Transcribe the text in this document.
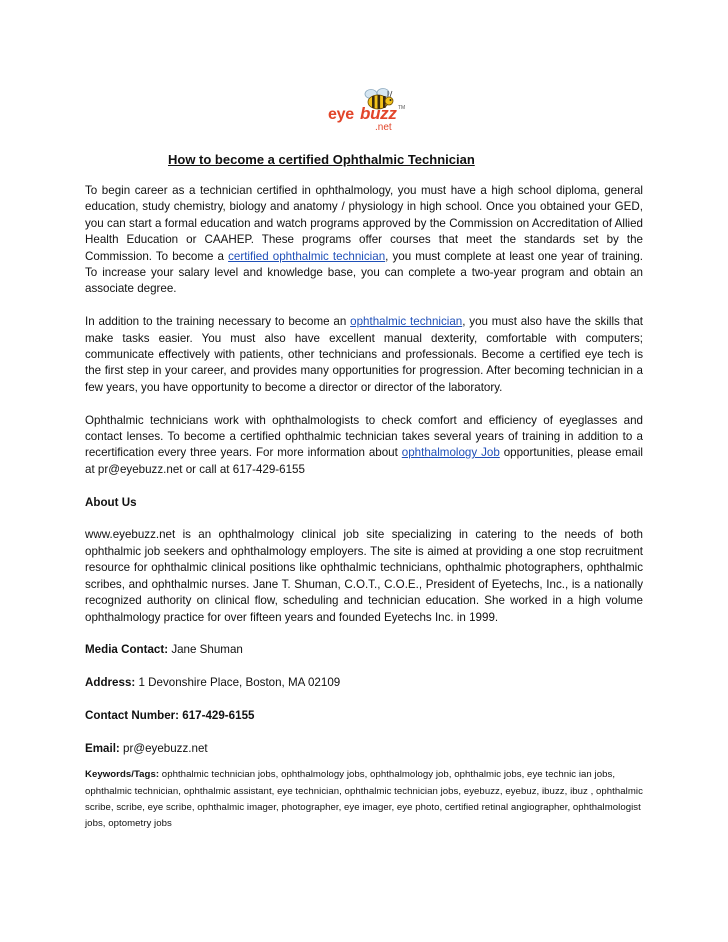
eye buzz TM
.net
How to become a certified Ophthalmic Technician

To begin career as a technician certified in ophthalmology, you must have a high school diploma, general education, study chemistry, biology and anatomy / physiology in high school. Once you obtained your GED, you can start a formal education and watch programs approved by the Commission on Accreditation of Allied Health Education or CAAHEP. These programs offer courses that meet the standards set by the Commission. To become a certified ophthalmic technician, you must complete at least one year of training. To increase your salary level and knowledge base, you can complete a two-year program and obtain an associate degree.

In addition to the training necessary to become an ophthalmic technician, you must also have the skills that make tasks easier. You must also have excellent manual dexterity, comfortable with computers; communicate effectively with patients, other technicians and professionals. Become a certified eye tech is the first step in your career, and provides many opportunities for progression. After becoming technician in a few years, you have opportunity to become a director or director of the laboratory.

Ophthalmic technicians work with ophthalmologists to check comfort and efficiency of eyeglasses and contact lenses. To become a certified ophthalmic technician takes several years of training in addition to a recertification every three years. For more information about ophthalmology Job opportunities, please email at pr@eyebuzz.net or call at 617-429-6155

About Us

www.eyebuzz.net is an ophthalmology clinical job site specializing in catering to the needs of both ophthalmic job seekers and ophthalmology employers. The site is aimed at providing a one stop recruitment resource for ophthalmic clinical positions like ophthalmic technicians, ophthalmic photographers, ophthalmic scribes, and ophthalmic nurses. Jane T. Shuman, C.O.T., C.O.E., President of Eyetechs, Inc., is a nationally recognized authority on clinical flow, scheduling and technician education. She worked in a high volume ophthalmology practice for over fifteen years and founded Eyetechs Inc. in 1999.

Media Contact: Jane Shuman

Address: 1 Devonshire Place, Boston, MA 02109

Contact Number: 617-429-6155

Email: pr@eyebuzz.net

Keywords/Tags: ophthalmic technician jobs, ophthalmology jobs, ophthalmology job, ophthalmic jobs, eye technic ian jobs, ophthalmic technician, ophthalmic assistant, eye technician, ophthalmic technician jobs, eyebuzz, eyebuz, ibuzz, ibuz , ophthalmic scribe, scribe, eye scribe, ophthalmic imager, photographer, eye imager, eye photo, certified retinal angiographer, ophthalmologist jobs, optometry jobs
